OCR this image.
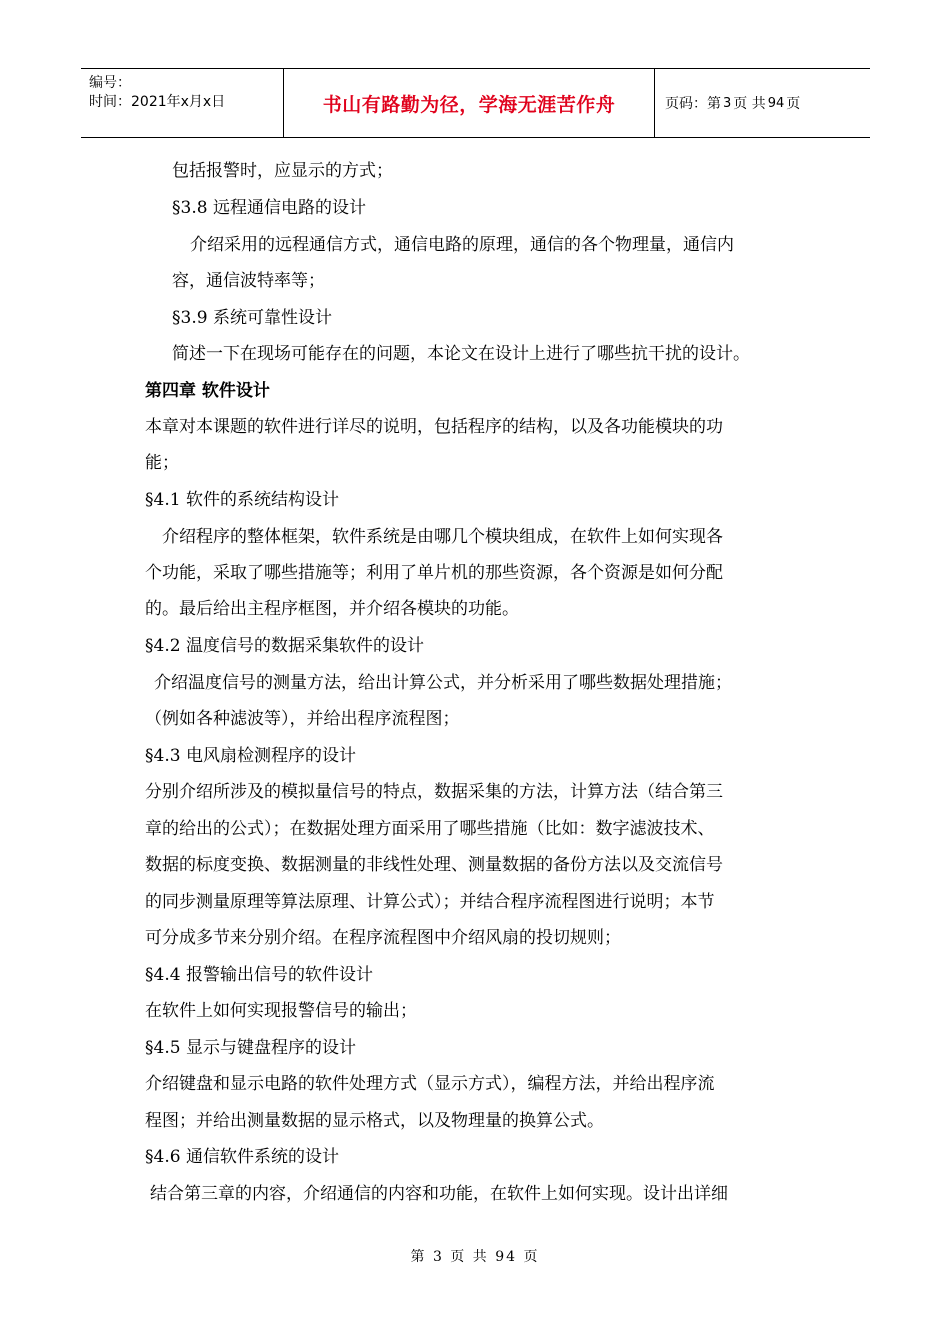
编号：
时间：2021年x月x日	书山有路勤为径，学海无涯苦作舟	页码：第 3 页 共 94 页
包括报警时，应显示的方式；
§3.8 远程通信电路的设计
介绍采用的远程通信方式，通信电路的原理，通信的各个物理量，通信内
容，通信波特率等；
§3.9 系统可靠性设计
简述一下在现场可能存在的问题，本论文在设计上进行了哪些抗干扰的设计。
第四章 软件设计
本章对本课题的软件进行详尽的说明，包括程序的结构，以及各功能模块的功
能；
§4.1 软件的系统结构设计
介绍程序的整体框架，软件系统是由哪几个模块组成，在软件上如何实现各
个功能，采取了哪些措施等；利用了单片机的那些资源，各个资源是如何分配
的。最后给出主程序框图，并介绍各模块的功能。
§4.2 温度信号的数据采集软件的设计
介绍温度信号的测量方法，给出计算公式，并分析采用了哪些数据处理措施；
（例如各种滤波等），并给出程序流程图；
§4.3 电风扇检测程序的设计
分别介绍所涉及的模拟量信号的特点，数据采集的方法，计算方法（结合第三
章的给出的公式）；在数据处理方面采用了哪些措施（比如：数字滤波技术、
数据的标度变换、数据测量的非线性处理、测量数据的备份方法以及交流信号
的同步测量原理等算法原理、计算公式）；并结合程序流程图进行说明；本节
可分成多节来分别介绍。在程序流程图中介绍风扇的投切规则；
§4.4 报警输出信号的软件设计
在软件上如何实现报警信号的输出；
§4.5 显示与键盘程序的设计
介绍键盘和显示电路的软件处理方式（显示方式），编程方法，并给出程序流
程图；并给出测量数据的显示格式，以及物理量的换算公式。
§4.6 通信软件系统的设计
结合第三章的内容，介绍通信的内容和功能，在软件上如何实现。设计出详细
第 3 页 共 94 页
